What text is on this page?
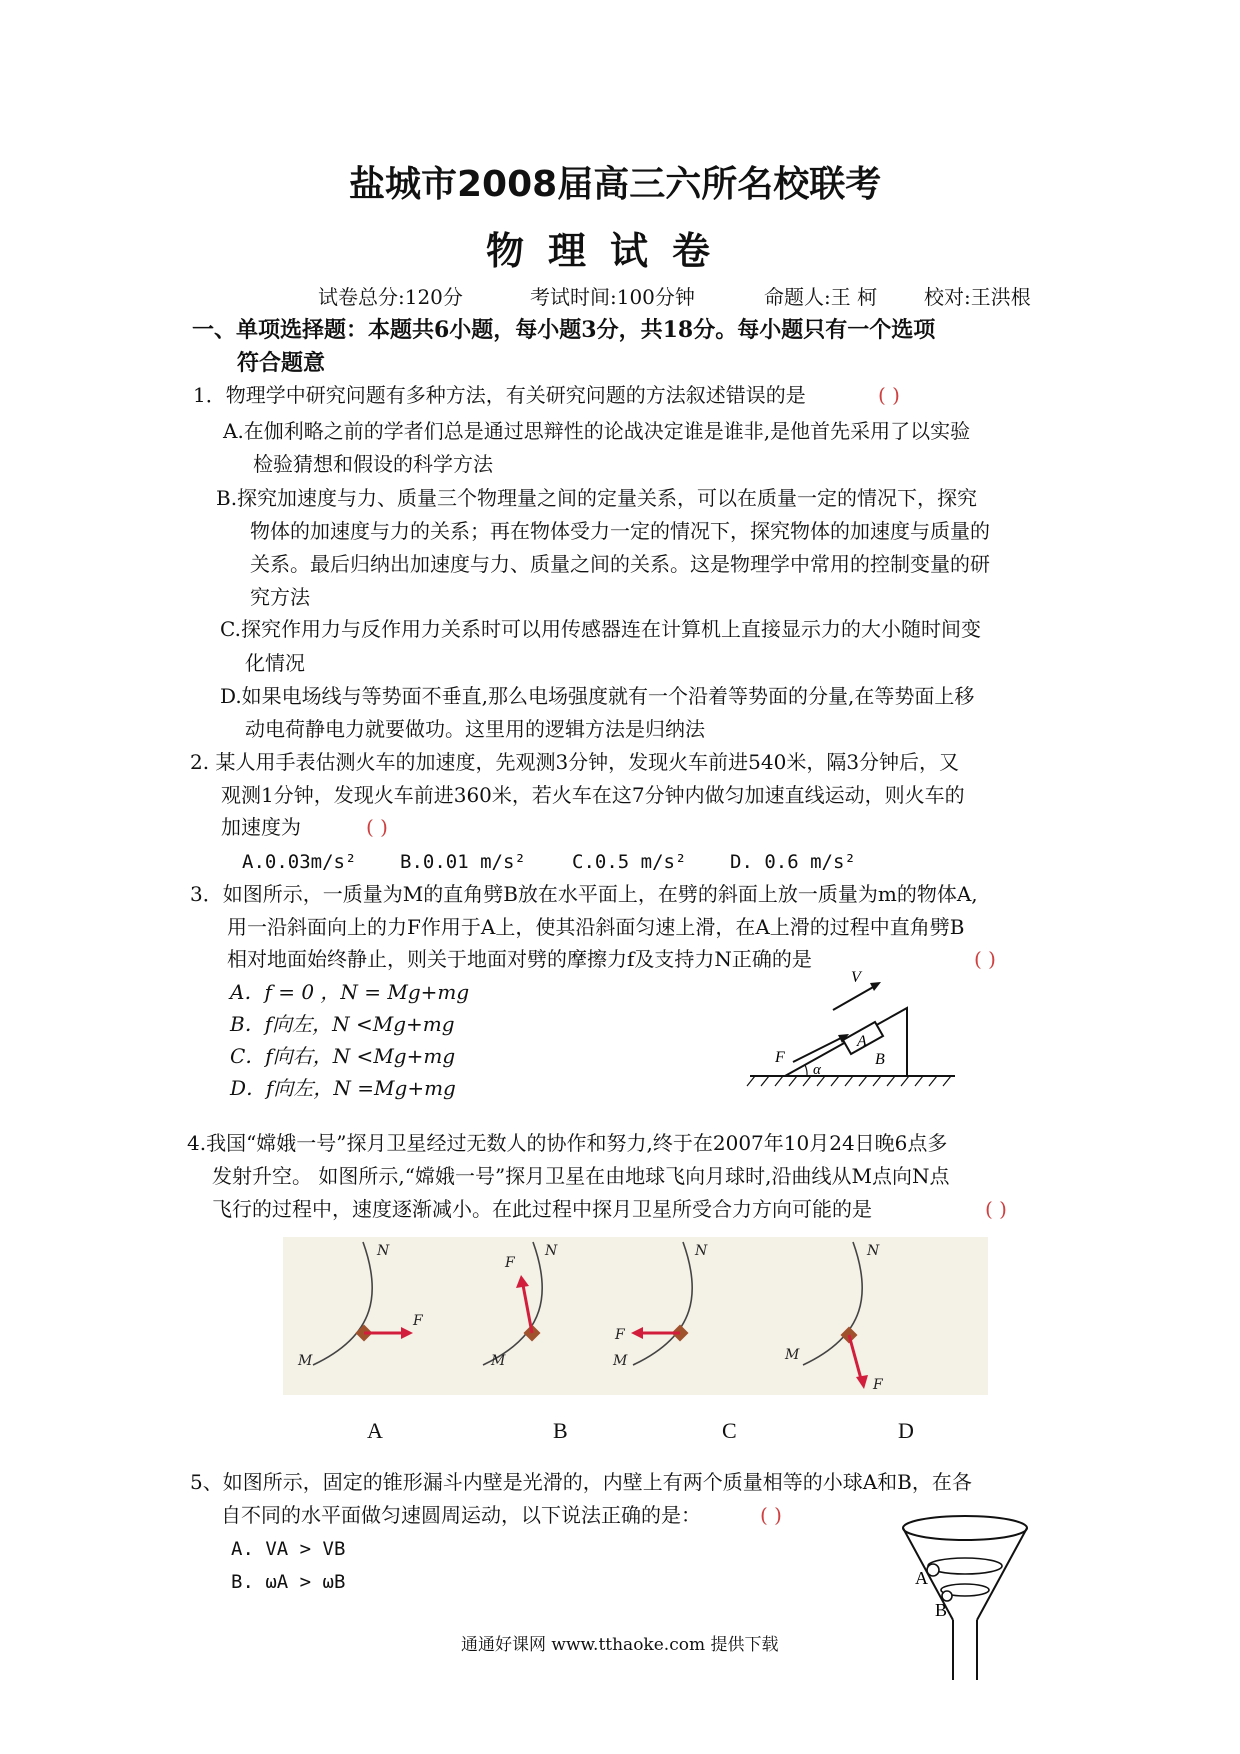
盐城市2008届高三六所名校联考
物理试卷
试卷总分:120分	考试时间:100分钟	命题人:王 柯 校对:王洪根
一、单项选择题：本题共6小题，每小题3分，共18分。每小题只有一个选项
符合题意
1．物理学中研究问题有多种方法，有关研究问题的方法叙述错误的是	( )
A.在伽利略之前的学者们总是通过思辩性的论战决定谁是谁非,是他首先采用了以实验
检验猜想和假设的科学方法
B.探究加速度与力、质量三个物理量之间的定量关系，可以在质量一定的情况下，探究
物体的加速度与力的关系；再在物体受力一定的情况下，探究物体的加速度与质量的
关系。最后归纳出加速度与力、质量之间的关系。这是物理学中常用的控制变量的研
究方法
C.探究作用力与反作用力关系时可以用传感器连在计算机上直接显示力的大小随时间变
化情况
D.如果电场线与等势面不垂直,那么电场强度就有一个沿着等势面的分量,在等势面上移
动电荷静电力就要做功。这里用的逻辑方法是归纳法
2. 某人用手表估测火车的加速度，先观测3分钟，发现火车前进540米，隔3分钟后，又
观测1分钟，发现火车前进360米，若火车在这7分钟内做匀加速直线运动，则火车的
加速度为	( )
A.0.03m/s² B.0.01 m/s² C.0.5 m/s² D. 0.6 m/s²
3．如图所示，一质量为M的直角劈B放在水平面上，在劈的斜面上放一质量为m的物体A,
用一沿斜面向上的力F作用于A上，使其沿斜面匀速上滑，在A上滑的过程中直角劈B
相对地面始终静止，则关于地面对劈的摩擦力f及支持力N正确的是	( )
A．f = 0 ，N = Mg+mg
B．f向左，N <Mg+mg
C．f向右，N <Mg+mg
D．f向左，N =Mg+mg
V
A
F	B
α
4.我国“嫦娥一号”探月卫星经过无数人的协作和努力,终于在2007年10月24日晚6点多
发射升空。 如图所示,“嫦娥一号”探月卫星在由地球飞向月球时,沿曲线从M点向N点
飞行的过程中，速度逐渐减小。在此过程中探月卫星所受合力方向可能的是	( )
N
M
F
N
M
F
N
M
F
N
M
F
A	B	C	D
5、如图所示，固定的锥形漏斗内壁是光滑的，内壁上有两个质量相等的小球A和B，在各
自不同的水平面做匀速圆周运动，以下说法正确的是：	( )
A. VA > VB
B. ωA > ωB	A
B
通通好课网 www.tthaoke.com 提供下载
